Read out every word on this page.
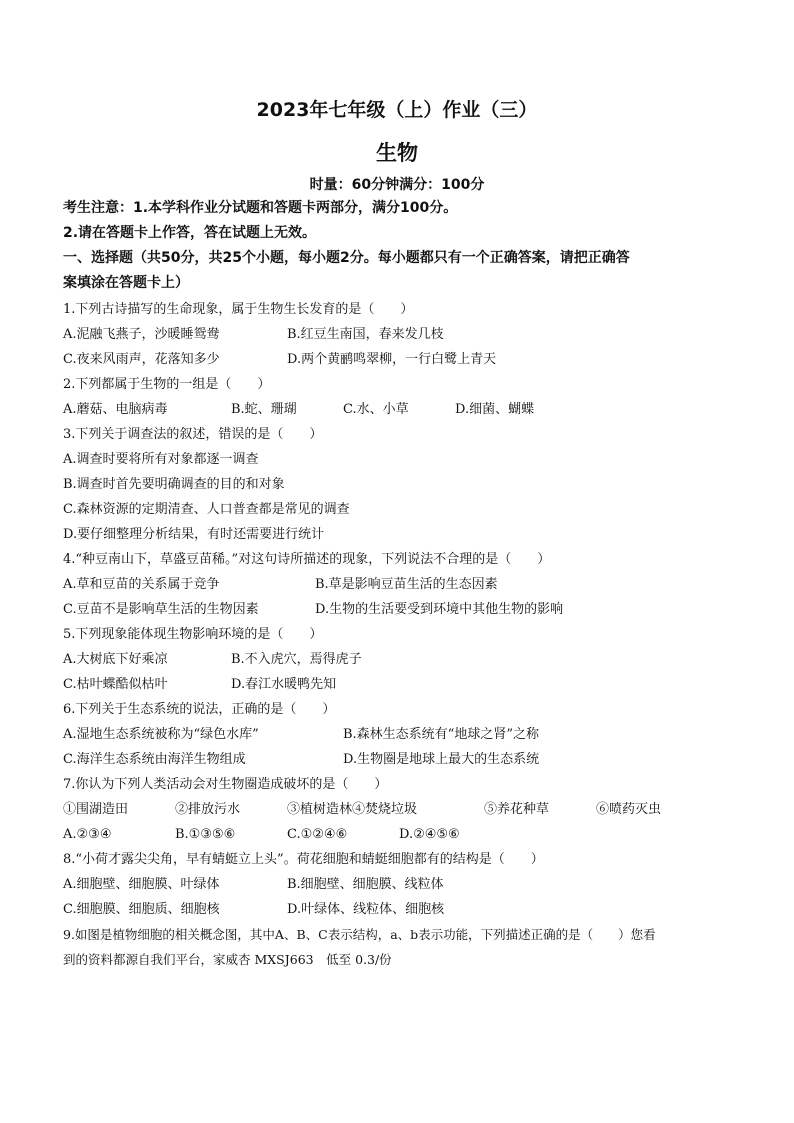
2023年七年级（上）作业（三）
生物
时量：60分钟满分：100分
考生注意：1.本学科作业分试题和答题卡两部分，满分100分。
2.请在答题卡上作答，答在试题上无效。
一、选择题（共50分，共25个小题，每小题2分。每小题都只有一个正确答案，请把正确答
案填涂在答题卡上）
1.下列古诗描写的生命现象，属于生物生长发育的是（　　）
A.泥融飞燕子，沙暖睡鸳鸯	B.红豆生南国，春来发几枝
C.夜来风雨声，花落知多少	D.两个黄鹂鸣翠柳，一行白鹭上青天
2.下列都属于生物的一组是（　　）
A.蘑菇、电脑病毒	B.蛇、珊瑚	C.水、小草	D.细菌、蝴蝶
3.下列关于调查法的叙述，错误的是（　　）
A.调查时要将所有对象都逐一调查
B.调查时首先要明确调查的目的和对象
C.森林资源的定期清查、人口普查都是常见的调查
D.要仔细整理分析结果，有时还需要进行统计
4.“种豆南山下，草盛豆苗稀。”对这句诗所描述的现象，下列说法不合理的是（　　）
A.草和豆苗的关系属于竞争	B.草是影响豆苗生活的生态因素
C.豆苗不是影响草生活的生物因素	D.生物的生活要受到环境中其他生物的影响
5.下列现象能体现生物影响环境的是（　　）
A.大树底下好乘凉	B.不入虎穴，焉得虎子
C.枯叶蝶酷似枯叶	D.春江水暖鸭先知
6.下列关于生态系统的说法，正确的是（　　）
A.湿地生态系统被称为“绿色水库”	B.森林生态系统有“地球之肾”之称
C.海洋生态系统由海洋生物组成	D.生物圈是地球上最大的生态系统
7.你认为下列人类活动会对生物圈造成破坏的是（　　）
①围湖造田	②排放污水	③植树造林④焚烧垃圾	⑤养花种草	⑥喷药灭虫
A.②③④	B.①③⑤⑥	C.①②④⑥	D.②④⑤⑥
8.“小荷才露尖尖角，早有蜻蜓立上头”。荷花细胞和蜻蜓细胞都有的结构是（　　）
A.细胞壁、细胞膜、叶绿体	B.细胞壁、细胞膜、线粒体
C.细胞膜、细胞质、细胞核	D.叶绿体、线粒体、细胞核
9.如图是植物细胞的相关概念图，其中A、B、C表示结构，a、b表示功能，下列描述正确的是（　　）您看
到的资料都源自我们平台，家威杏 MXSJ663　低至 0.3/份
